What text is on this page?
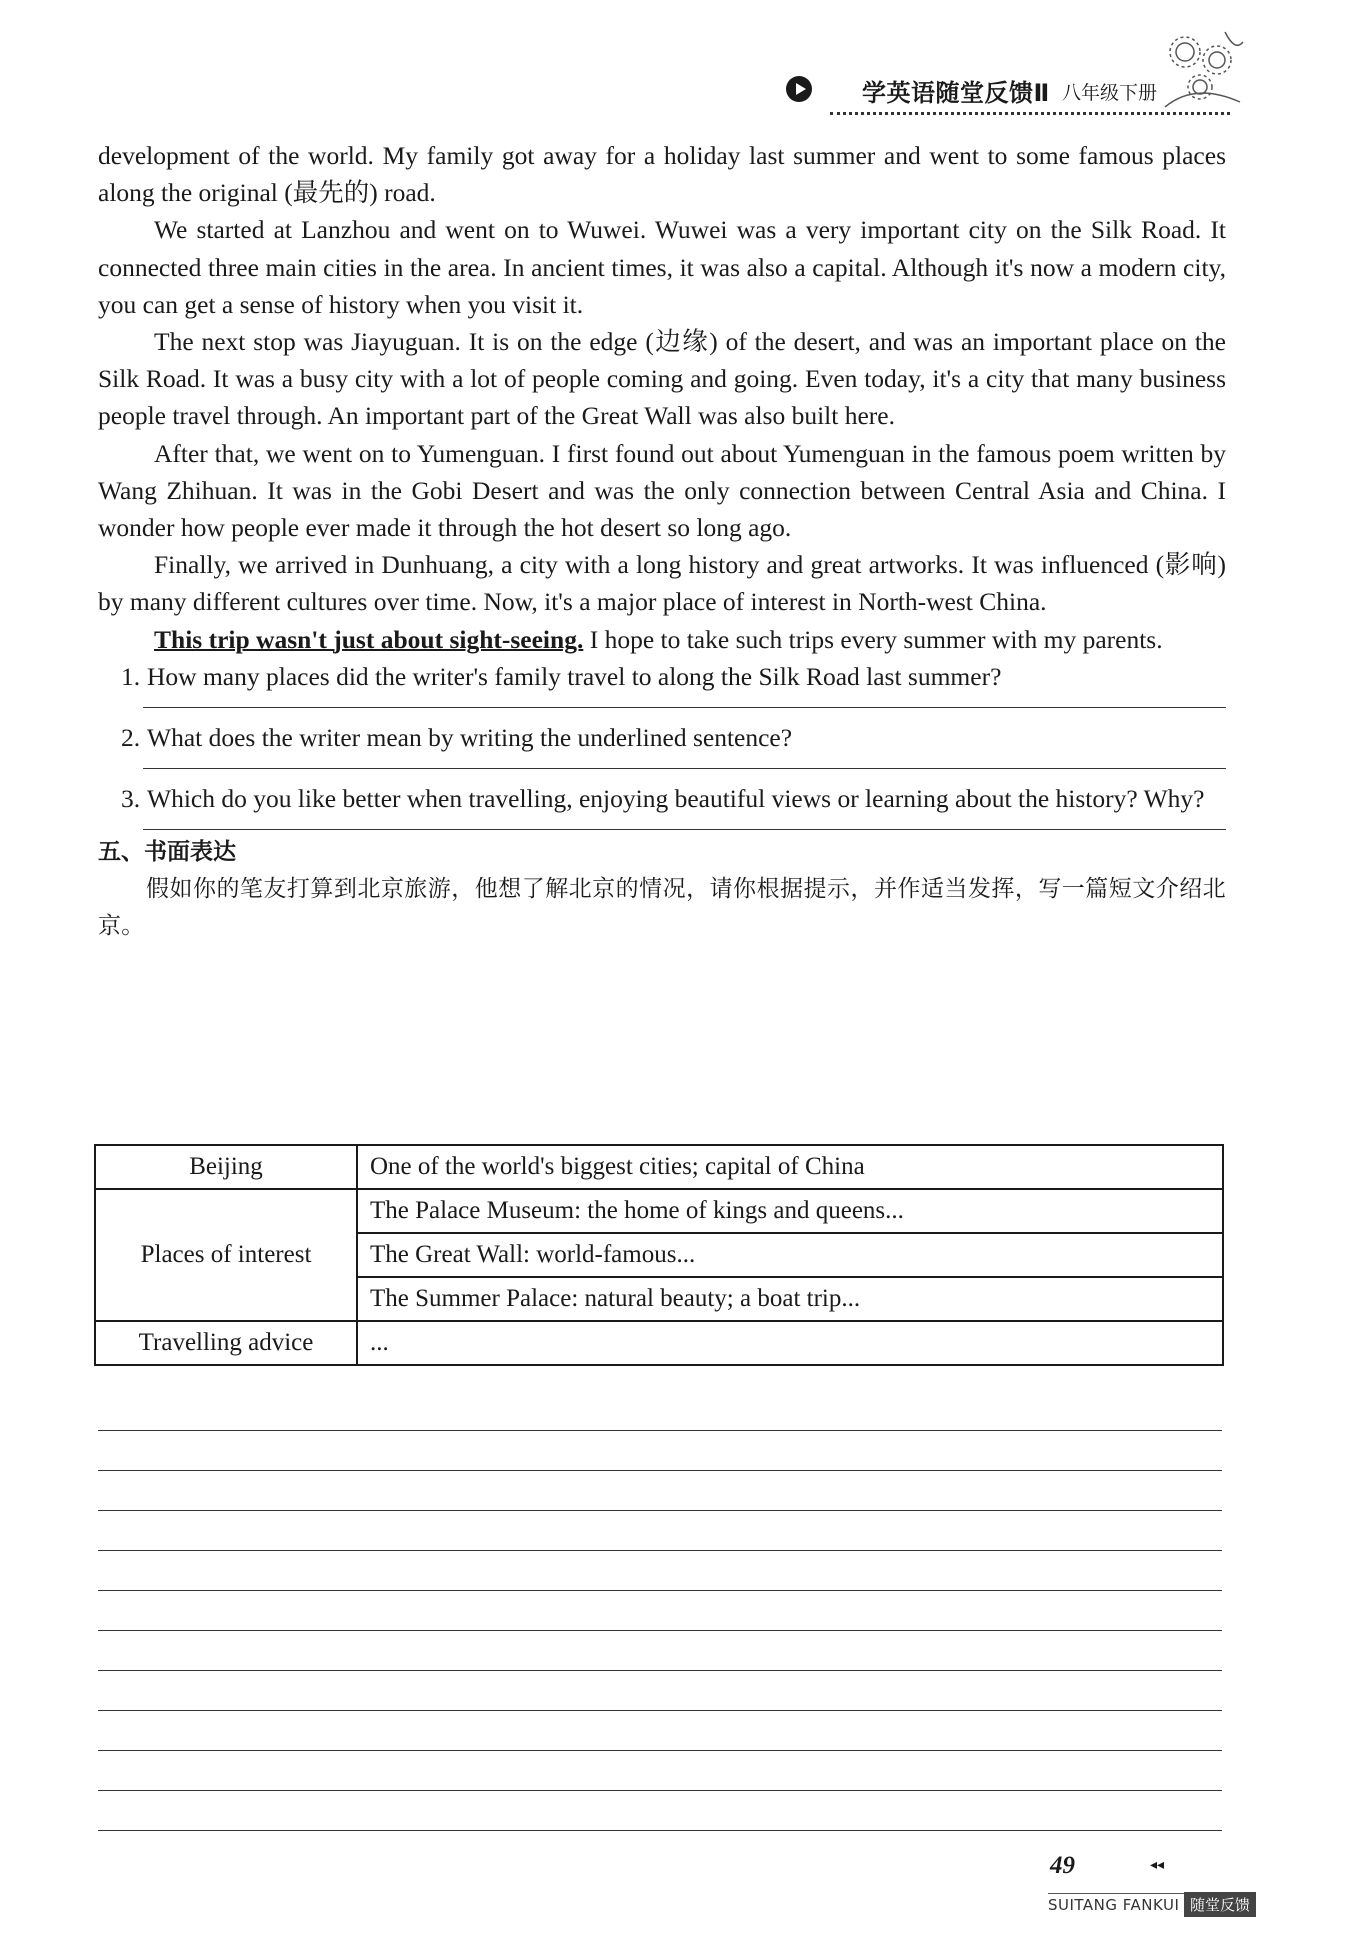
学英语随堂反馈Ⅱ 八年级下册

development of the world. My family got away for a holiday last summer and went to some famous places along the original (最先的) road.

We started at Lanzhou and went on to Wuwei. Wuwei was a very important city on the Silk Road. It connected three main cities in the area. In ancient times, it was also a capital. Although it's now a modern city, you can get a sense of history when you visit it.

The next stop was Jiayuguan. It is on the edge (边缘) of the desert, and was an important place on the Silk Road. It was a busy city with a lot of people coming and going. Even today, it's a city that many business people travel through. An important part of the Great Wall was also built here.

After that, we went on to Yumenguan. I first found out about Yumenguan in the famous poem written by Wang Zhihuan. It was in the Gobi Desert and was the only connection between Central Asia and China. I wonder how people ever made it through the hot desert so long ago.

Finally, we arrived in Dunhuang, a city with a long history and great artworks. It was influenced (影响) by many different cultures over time. Now, it's a major place of interest in North-west China.

This trip wasn't just about sight-seeing. I hope to take such trips every summer with my parents.

1. How many places did the writer's family travel to along the Silk Road last summer?
2. What does the writer mean by writing the underlined sentence?
3. Which do you like better when travelling, enjoying beautiful views or learning about the history? Why?

五、书面表达

假如你的笔友打算到北京旅游，他想了解北京的情况，请你根据提示，并作适当发挥，写一篇短文介绍北京。

Beijing	One of the world's biggest cities; capital of China
Places of interest	The Palace Museum: the home of kings and queens...
	The Great Wall: world-famous...
	The Summer Palace: natural beauty; a boat trip...
Travelling advice	...
49	◂◂
SUITANG FANKUI 随堂反馈
